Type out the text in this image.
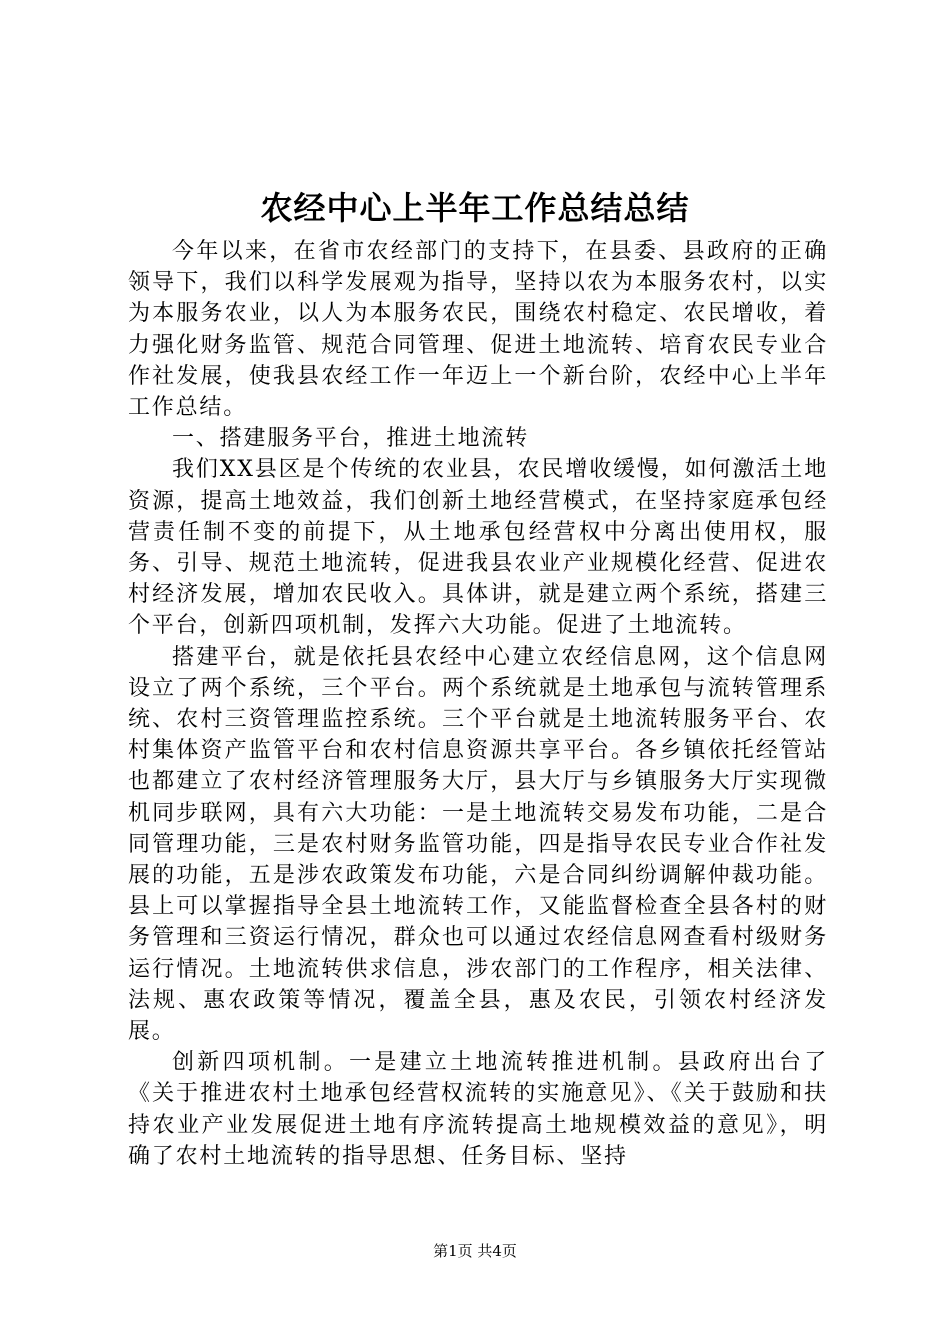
农经中心上半年工作总结总结

今年以来，在省市农经部门的支持下，在县委、县政府的正确领导下，我们以科学发展观为指导，坚持以农为本服务农村，以实为本服务农业，以人为本服务农民，围绕农村稳定、农民增收，着力强化财务监管、规范合同管理、促进土地流转、培育农民专业合作社发展，使我县农经工作一年迈上一个新台阶，农经中心上半年工作总结。

一、搭建服务平台，推进土地流转

我们XX县区是个传统的农业县，农民增收缓慢，如何激活土地资源，提高土地效益，我们创新土地经营模式，在坚持家庭承包经营责任制不变的前提下，从土地承包经营权中分离出使用权，服务、引导、规范土地流转，促进我县农业产业规模化经营、促进农村经济发展，增加农民收入。具体讲，就是建立两个系统，搭建三个平台，创新四项机制，发挥六大功能。促进了土地流转。

搭建平台，就是依托县农经中心建立农经信息网，这个信息网设立了两个系统，三个平台。两个系统就是土地承包与流转管理系统、农村三资管理监控系统。三个平台就是土地流转服务平台、农村集体资产监管平台和农村信息资源共享平台。各乡镇依托经管站也都建立了农村经济管理服务大厅，县大厅与乡镇服务大厅实现微机同步联网，具有六大功能：一是土地流转交易发布功能，二是合同管理功能，三是农村财务监管功能，四是指导农民专业合作社发展的功能，五是涉农政策发布功能，六是合同纠纷调解仲裁功能。县上可以掌握指导全县土地流转工作，又能监督检查全县各村的财务管理和三资运行情况，群众也可以通过农经信息网查看村级财务运行情况。土地流转供求信息，涉农部门的工作程序，相关法律、法规、惠农政策等情况，覆盖全县，惠及农民，引领农村经济发展。

创新四项机制。一是建立土地流转推进机制。县政府出台了《关于推进农村土地承包经营权流转的实施意见》、《关于鼓励和扶持农业产业发展促进土地有序流转提高土地规模效益的意见》，明确了农村土地流转的指导思想、任务目标、坚持

第1页 共4页
